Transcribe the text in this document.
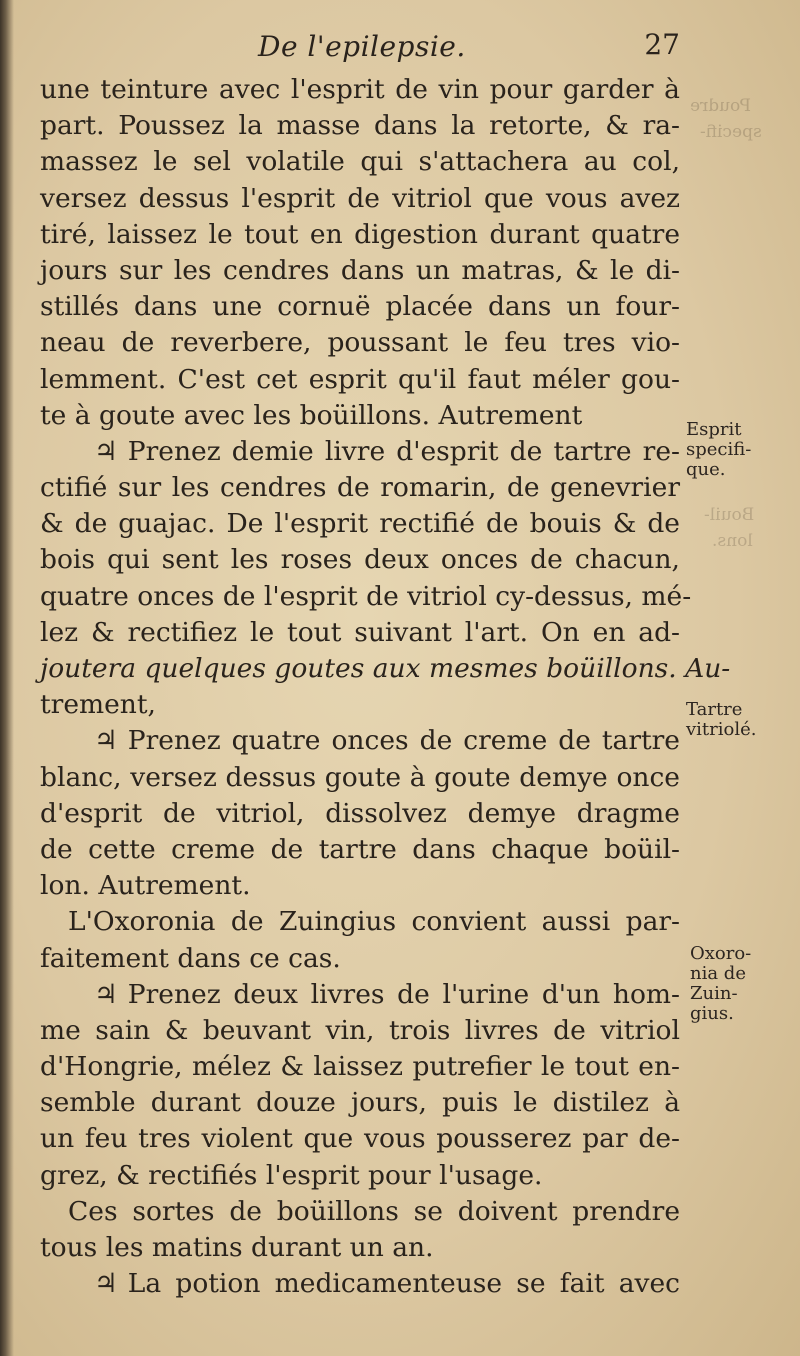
Poudre
specifi-
Bouil-
lons.
De l'epilepsie.	27
une teinture avec l'esprit de vin pour garder à
part. Poussez la masse dans la retorte, & ra-
massez le sel volatile qui s'attachera au col,
versez dessus l'esprit de vitriol que vous avez
tiré, laissez le tout en digestion durant quatre
jours sur les cendres dans un matras, & le di-
stillés dans une cornuë placée dans un four-
neau de reverbere, poussant le feu tres vio-
lemment. C'est cet esprit qu'il faut méler gou-
te à goute avec les boüillons. Autrement
♃ Prenez demie livre d'esprit de tartre re-
ctifié sur les cendres de romarin, de genevrier
& de guajac. De l'esprit rectifié de bouis & de
bois qui sent les roses deux onces de chacun,
quatre onces de l'esprit de vitriol cy-dessus, mé-
lez & rectifiez le tout suivant l'art. On en ad-
joutera quelques goutes aux mesmes boüillons. Au-
trement,
♃ Prenez quatre onces de creme de tartre
blanc, versez dessus goute à goute demye once
d'esprit de vitriol, dissolvez demye dragme
de cette creme de tartre dans chaque boüil-
lon. Autrement.
L'Oxoronia de Zuingius convient aussi par-
faitement dans ce cas.
♃ Prenez deux livres de l'urine d'un hom-
me sain & beuvant vin, trois livres de vitriol
d'Hongrie, mélez & laissez putrefier le tout en-
semble durant douze jours, puis le distilez à
un feu tres violent que vous pousserez par de-
grez, & rectifiés l'esprit pour l'usage.
Ces sortes de boüillons se doivent prendre
tous les matins durant un an.
♃ La potion medicamenteuse se fait avec
Esprit
specifi-
que.
Tartre
vitriolé.
Oxoro-
nia de
Zuin-
gius.
